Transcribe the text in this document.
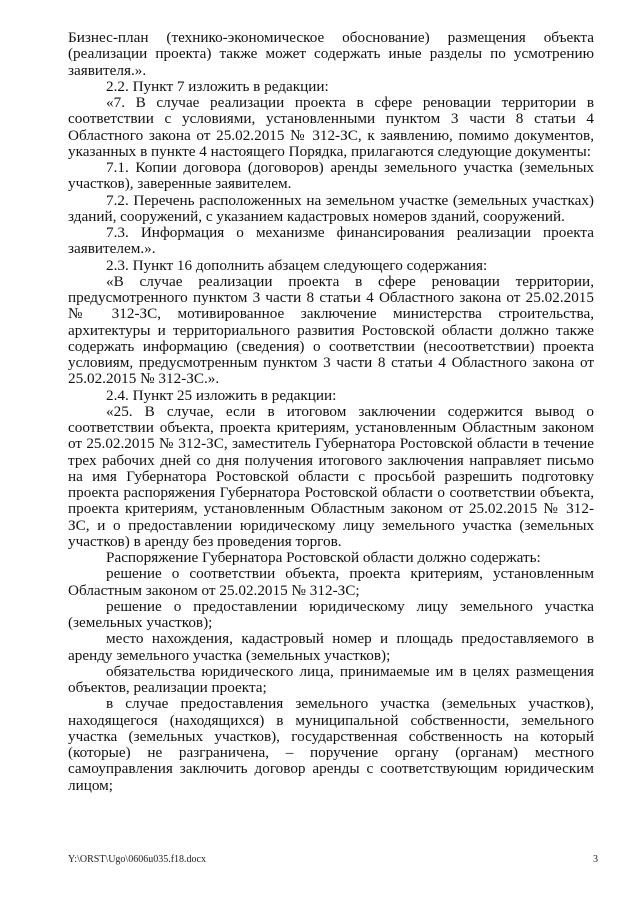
Бизнес-план (технико-экономическое обоснование) размещения объекта (реализации проекта) также может содержать иные разделы по усмотрению заявителя.».

2.2. Пункт 7 изложить в редакции:

«7. В случае реализации проекта в сфере реновации территории в соответствии с условиями, установленными пунктом 3 части 8 статьи 4 Областного закона от 25.02.2015 № 312-ЗС, к заявлению, помимо документов, указанных в пункте 4 настоящего Порядка, прилагаются следующие документы:

7.1. Копии договора (договоров) аренды земельного участка (земельных участков), заверенные заявителем.

7.2. Перечень расположенных на земельном участке (земельных участках) зданий, сооружений, с указанием кадастровых номеров зданий, сооружений.

7.3. Информация о механизме финансирования реализации проекта заявителем.».

2.3. Пункт 16 дополнить абзацем следующего содержания:

«В случае реализации проекта в сфере реновации территории, предусмотренного пунктом 3 части 8 статьи 4 Областного закона от 25.02.2015 № 312-ЗС, мотивированное заключение министерства строительства, архитектуры и территориального развития Ростовской области должно также содержать информацию (сведения) о соответствии (несоответствии) проекта условиям, предусмотренным пунктом 3 части 8 статьи 4 Областного закона от 25.02.2015 № 312-ЗС.».

2.4. Пункт 25 изложить в редакции:

«25. В случае, если в итоговом заключении содержится вывод о соответствии объекта, проекта критериям, установленным Областным законом от 25.02.2015 № 312-ЗС, заместитель Губернатора Ростовской области в течение трех рабочих дней со дня получения итогового заключения направляет письмо на имя Губернатора Ростовской области с просьбой разрешить подготовку проекта распоряжения Губернатора Ростовской области о соответствии объекта, проекта критериям, установленным Областным законом от 25.02.2015 № 312-ЗС, и о предоставлении юридическому лицу земельного участка (земельных участков) в аренду без проведения торгов.

Распоряжение Губернатора Ростовской области должно содержать:

решение о соответствии объекта, проекта критериям, установленным Областным законом от 25.02.2015 № 312-ЗС;

решение о предоставлении юридическому лицу земельного участка (земельных участков);

место нахождения, кадастровый номер и площадь предоставляемого в аренду земельного участка (земельных участков);

обязательства юридического лица, принимаемые им в целях размещения объектов, реализации проекта;

в случае предоставления земельного участка (земельных участков), находящегося (находящихся) в муниципальной собственности, земельного участка (земельных участков), государственная собственность на который (которые) не разграничена, – поручение органу (органам) местного самоуправления заключить договор аренды с соответствующим юридическим лицом;

Y:\ORST\Ugo\0606u035.f18.docx	3
